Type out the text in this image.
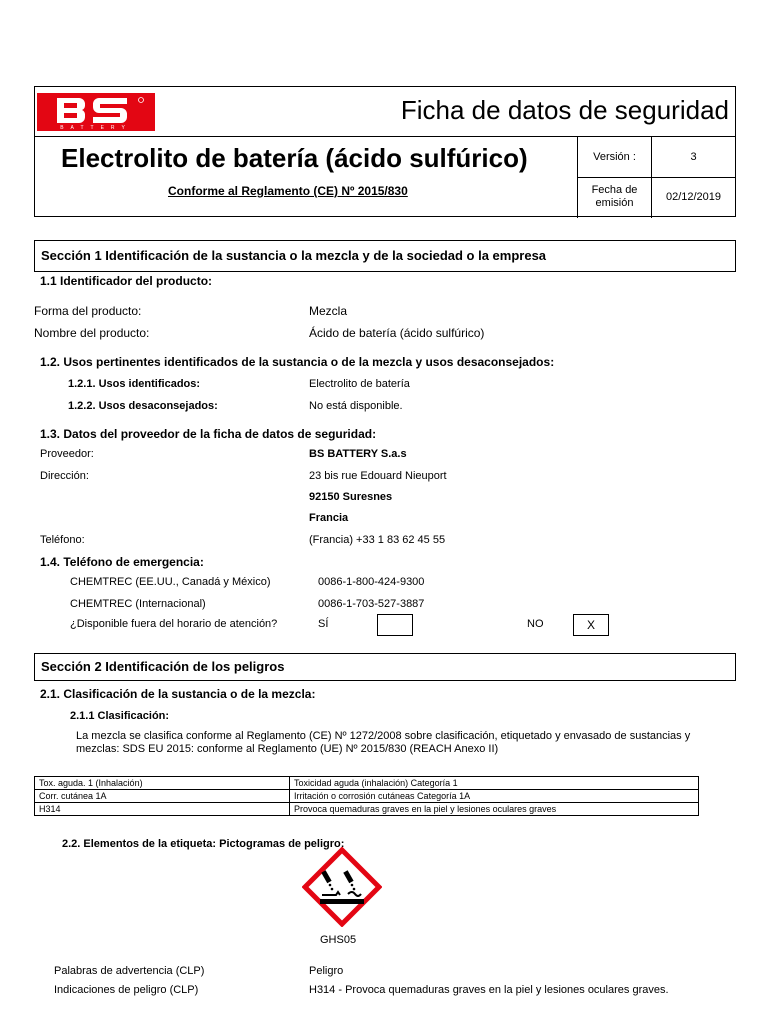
BATTERY
Ficha de datos de seguridad
Electrolito de batería (ácido sulfúrico)
Conforme al Reglamento (CE) Nº 2015/830
Versión :	3
Fecha de emisión	02/12/2019
Sección 1 Identificación de la sustancia o la mezcla y de la sociedad o la empresa
1.1 Identificador del producto:
Forma del producto:	Mezcla
Nombre del producto:	Ácido de batería (ácido sulfúrico)
1.2. Usos pertinentes identificados de la sustancia o de la mezcla y usos desaconsejados:
1.2.1. Usos identificados:	Electrolito de batería
1.2.2. Usos desaconsejados:	No está disponible.
1.3. Datos del proveedor de la ficha de datos de seguridad:
Proveedor:	BS BATTERY S.a.s
Dirección:	23 bis rue Edouard Nieuport
92150 Suresnes
Francia
Teléfono:	(Francia) +33 1 83 62 45 55
1.4. Teléfono de emergencia:
CHEMTREC (EE.UU., Canadá y México)	0086-1-800-424-9300
CHEMTREC (Internacional)	0086-1-703-527-3887
¿Disponible fuera del horario de atención?	SÍ	NO	X
Sección 2 Identificación de los peligros
2.1. Clasificación de la sustancia o de la mezcla:
2.1.1 Clasificación:
La mezcla se clasifica conforme al Reglamento (CE) Nº 1272/2008 sobre clasificación, etiquetado y envasado de sustancias y mezclas: SDS EU 2015: conforme al Reglamento (UE) Nº 2015/830 (REACH Anexo II)
Tox. aguda. 1 (Inhalación)	Toxicidad aguda (inhalación) Categoría 1
Corr. cutánea 1A	Irritación o corrosión cutáneas Categoría 1A
H314	Provoca quemaduras graves en la piel y lesiones oculares graves
2.2. Elementos de la etiqueta: Pictogramas de peligro:
GHS05
Palabras de advertencia (CLP)	Peligro
Indicaciones de peligro (CLP)	H314 - Provoca quemaduras graves en la piel y lesiones oculares graves.
